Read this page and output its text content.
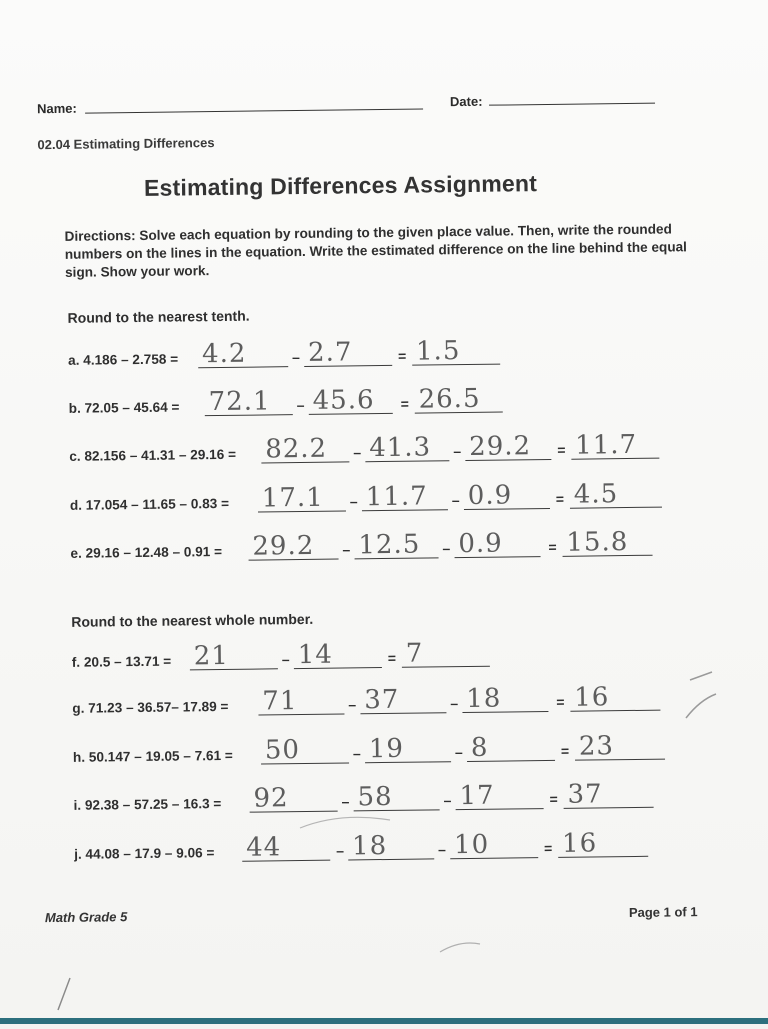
Name:	Date:
02.04 Estimating Differences
Estimating Differences Assignment
Directions: Solve each equation by rounding to the given place value. Then, write the rounded numbers on the lines in the equation. Write the estimated difference on the line behind the equal sign. Show your work.
Round to the nearest tenth.
a. 4.186 – 2.758 = 4.2	– 2.7	= 1.5
b. 72.05 – 45.64 = 72.1 – 45.6 = 26.5
c. 82.156 – 41.31 – 29.16 = 82.2 – 41.3 – 29.2 = 11.7
d. 17.054 – 11.65 – 0.83 = 17.1 – 11.7 – 0.9	= 4.5
e. 29.16 – 12.48 – 0.91 = 29.2 – 12.5 – 0.9	= 15.8
Round to the nearest whole number.
f. 20.5 – 13.71 = 21	– 14	= 7
g. 71.23 – 36.57– 17.89 = 71	– 37	– 18	= 16
h. 50.147 – 19.05 – 7.61 = 50	– 19	– 8	= 23
i. 92.38 – 57.25 – 16.3 = 92	– 58	– 17	= 37
j. 44.08 – 17.9 – 9.06 = 44	– 18	– 10	= 16
Math Grade 5	Page 1 of 1
